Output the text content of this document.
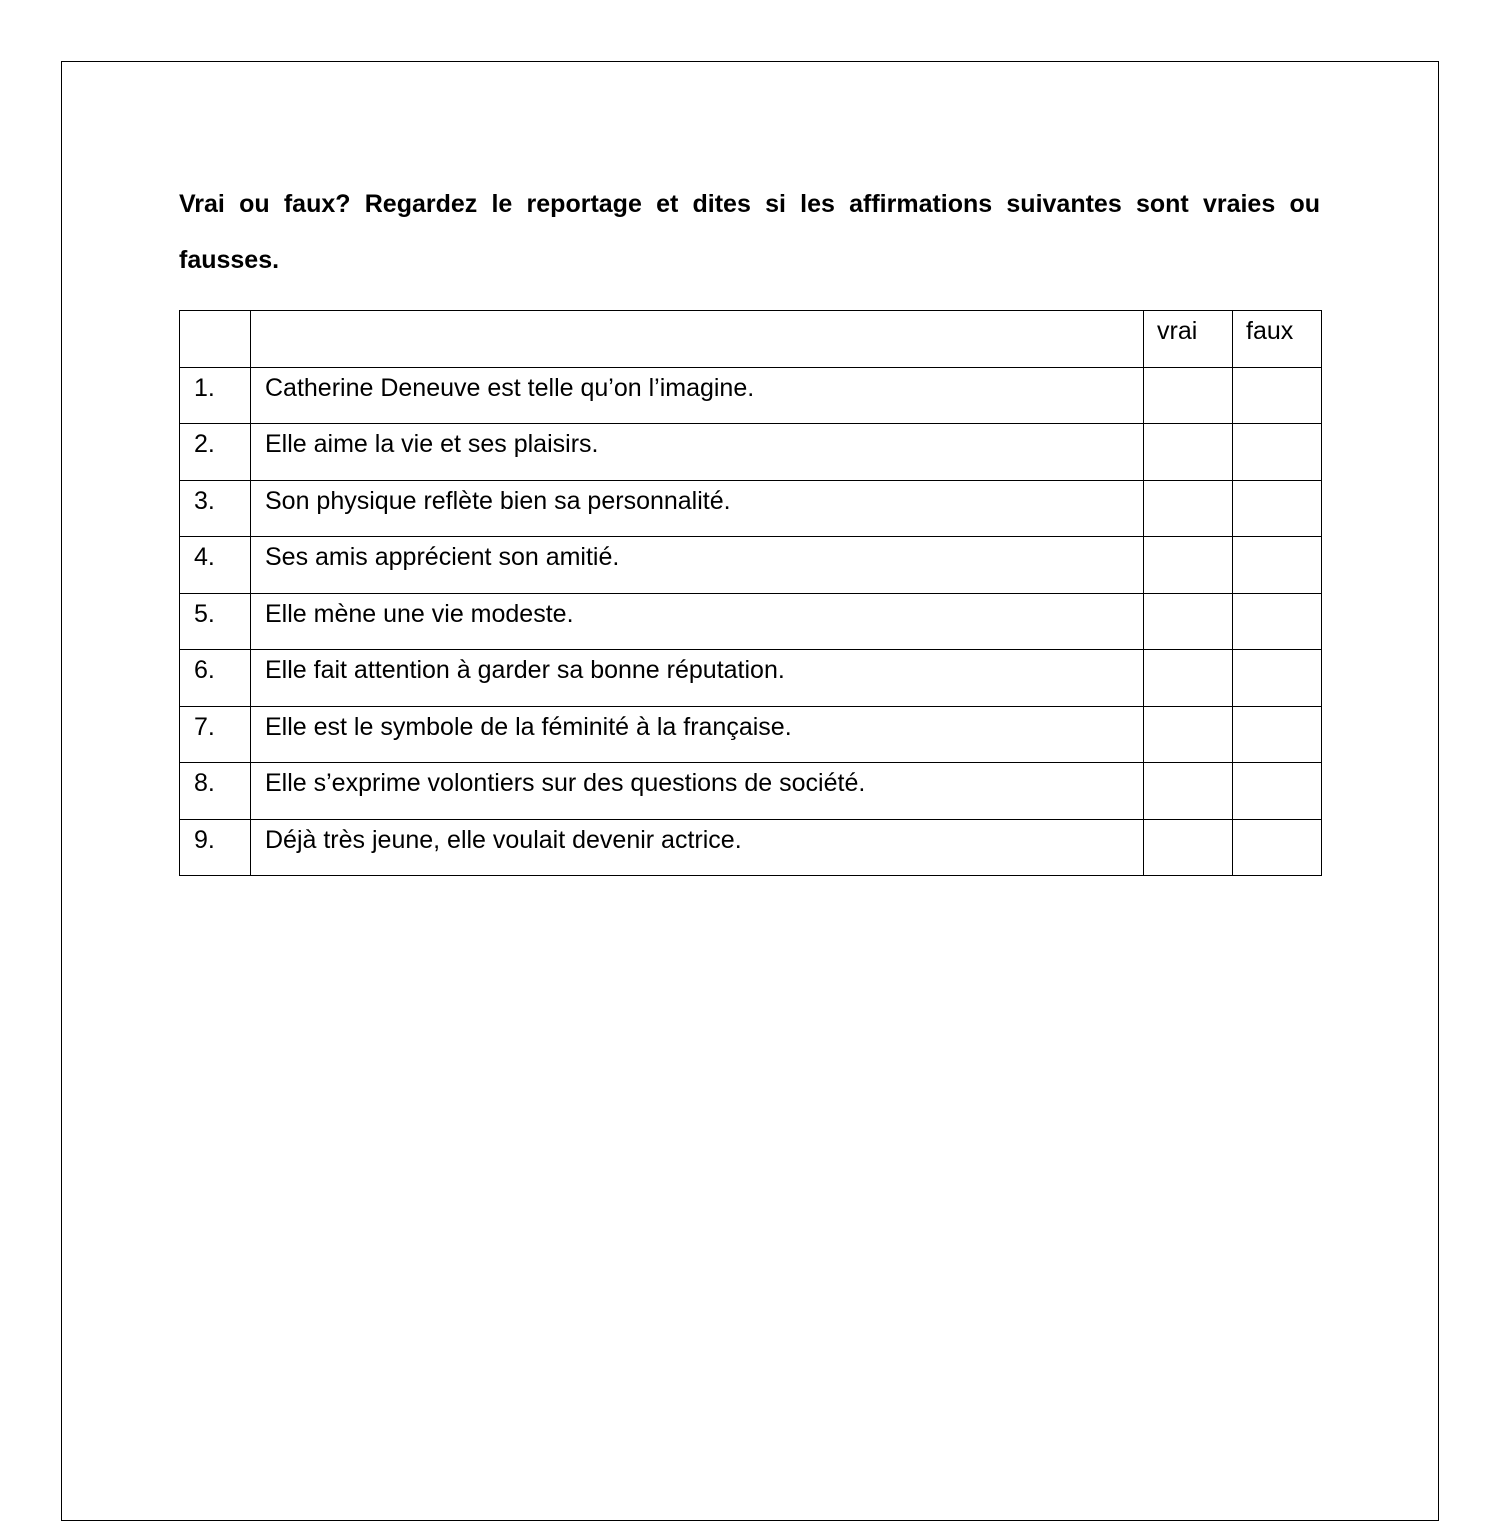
Vrai ou faux? Regardez le reportage et dites si les affirmations suivantes sont vraies ou fausses.

		vrai	faux
1.	Catherine Deneuve est telle qu’on l’imagine.		
2.	Elle aime la vie et ses plaisirs.		
3.	Son physique reflète bien sa personnalité.		
4.	Ses amis apprécient son amitié.		
5.	Elle mène une vie modeste.		
6.	Elle fait attention à garder sa bonne réputation.		
7.	Elle est le symbole de la féminité à la française.		
8.	Elle s’exprime volontiers sur des questions de société.		
9.	Déjà très jeune, elle voulait devenir actrice.		
